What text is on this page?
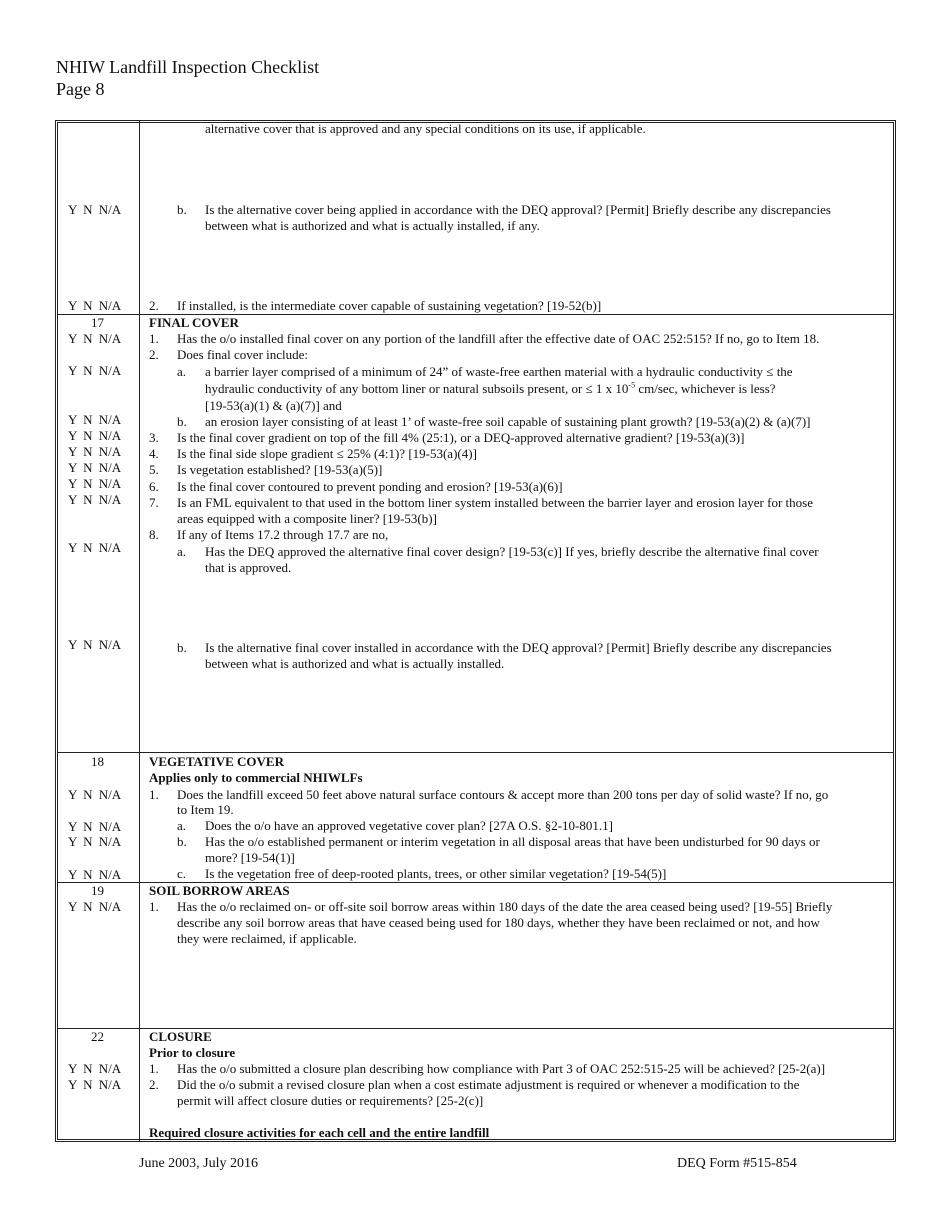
NHIW Landfill Inspection Checklist
Page 8
alternative cover that is approved and any special conditions on its use, if applicable.
Y N N/A	b. Is the alternative cover being applied in accordance with the DEQ approval? [Permit] Briefly describe any discrepancies
between what is authorized and what is actually installed, if any.
Y N N/A 2. If installed, is the intermediate cover capable of sustaining vegetation? [19-52(b)]
17	FINAL COVER
Y N N/A 1. Has the o/o installed final cover on any portion of the landfill after the effective date of OAC 252:515? If no, go to Item 18.
2. Does final cover include:
Y N N/A	a. a barrier layer comprised of a minimum of 24” of waste-free earthen material with a hydraulic conductivity ≤ the
hydraulic conductivity of any bottom liner or natural subsoils present, or ≤ 1 x $10^{-5}$ cm/sec, whichever is less?
[19-53(a)(1) & (a)(7)] and
Y N N/A	b. an erosion layer consisting of at least 1’ of waste-free soil capable of sustaining plant growth? [19-53(a)(2) & (a)(7)]
Y N N/A 3. Is the final cover gradient on top of the fill 4% (25:1), or a DEQ-approved alternative gradient? [19-53(a)(3)]
Y N N/A 4. Is the final side slope gradient ≤ 25% (4:1)? [19-53(a)(4)]
Y N N/A 5. Is vegetation established? [19-53(a)(5)]
Y N N/A 6. Is the final cover contoured to prevent ponding and erosion? [19-53(a)(6)]
Y N N/A 7. Is an FML equivalent to that used in the bottom liner system installed between the barrier layer and erosion layer for those
areas equipped with a composite liner? [19-53(b)]
8. If any of Items 17.2 through 17.7 are no,
Y N N/A	a. Has the DEQ approved the alternative final cover design? [19-53(c)] If yes, briefly describe the alternative final cover
that is approved.
Y N N/A	b. Is the alternative final cover installed in accordance with the DEQ approval? [Permit] Briefly describe any discrepancies
between what is authorized and what is actually installed.
18	VEGETATIVE COVER
Applies only to commercial NHIWLFs
Y N N/A 1. Does the landfill exceed 50 feet above natural surface contours & accept more than 200 tons per day of solid waste? If no, go
to Item 19.
Y N N/A	a. Does the o/o have an approved vegetative cover plan? [27A O.S. §2-10-801.1]
Y N N/A	b. Has the o/o established permanent or interim vegetation in all disposal areas that have been undisturbed for 90 days or
more? [19-54(1)]
Y N N/A	c. Is the vegetation free of deep-rooted plants, trees, or other similar vegetation? [19-54(5)]
19	SOIL BORROW AREAS
Y N N/A 1. Has the o/o reclaimed on- or off-site soil borrow areas within 180 days of the date the area ceased being used? [19-55] Briefly
describe any soil borrow areas that have ceased being used for 180 days, whether they have been reclaimed or not, and how
they were reclaimed, if applicable.
22	CLOSURE
Prior to closure
Y N N/A 1. Has the o/o submitted a closure plan describing how compliance with Part 3 of OAC 252:515-25 will be achieved? [25-2(a)]
Y N N/A 2. Did the o/o submit a revised closure plan when a cost estimate adjustment is required or whenever a modification to the
permit will affect closure duties or requirements? [25-2(c)]
Required closure activities for each cell and the entire landfill
June 2003, July 2016	DEQ Form #515-854
